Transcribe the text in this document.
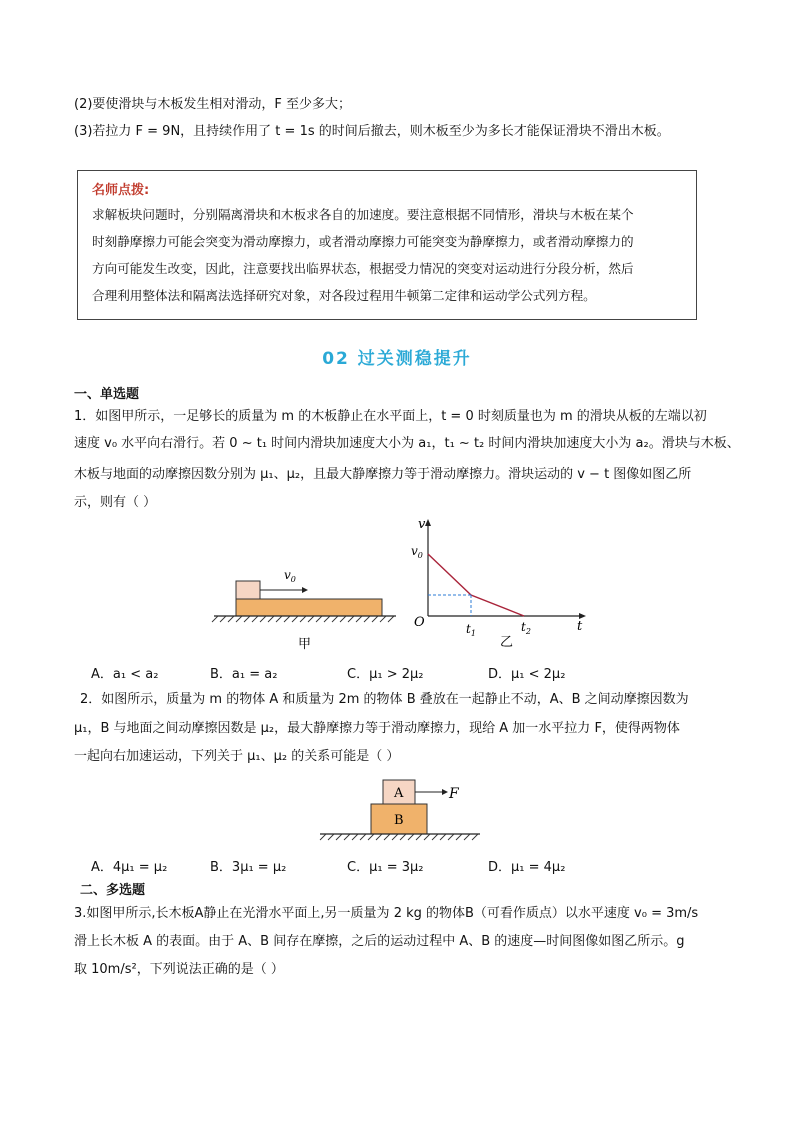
(2)要使滑块与木板发生相对滑动，F 至少多大；
(3)若拉力 F = 9N，且持续作用了 t = 1s 的时间后撤去，则木板至少为多长才能保证滑块不滑出木板。
名师点拨:
求解板块问题时，分别隔离滑块和木板求各自的加速度。要注意根据不同情形，滑块与木板在某个
时刻静摩擦力可能会突变为滑动摩擦力，或者滑动摩擦力可能突变为静摩擦力，或者滑动摩擦力的
方向可能发生改变，因此，注意要找出临界状态，根据受力情况的突变对运动进行分段分析，然后
合理利用整体法和隔离法选择研究对象，对各段过程用牛顿第二定律和运动学公式列方程。
02 过关测稳提升
一、单选题
1．如图甲所示，一足够长的质量为 m 的木板静止在水平面上，t = 0 时刻质量也为 m 的滑块从板的左端以初
速度 v₀ 水平向右滑行。若 0 ~ t₁ 时间内滑块加速度大小为 a₁，t₁ ~ t₂ 时间内滑块加速度大小为 a₂。滑块与木板、
木板与地面的动摩擦因数分别为 μ₁、μ₂，且最大静摩擦力等于滑动摩擦力。滑块运动的 v − t 图像如图乙所
示，则有（ ）
$v_0$
甲
v
t
O
$v_0$
$t_1$	$t_2$
乙
A．a₁ < a₂	B．a₁ = a₂	C．μ₁ > 2μ₂	D．μ₁ < 2μ₂
2．如图所示，质量为 m 的物体 A 和质量为 2m 的物体 B 叠放在一起静止不动，A、B 之间动摩擦因数为
μ₁，B 与地面之间动摩擦因数是 μ₂，最大静摩擦力等于滑动摩擦力，现给 A 加一水平拉力 F，使得两物体
一起向右加速运动，下列关于 μ₁、μ₂ 的关系可能是（ ）
A
B
F
A．4μ₁ = μ₂	B．3μ₁ = μ₂	C．μ₁ = 3μ₂	D．μ₁ = 4μ₂
二、多选题
3.如图甲所示,长木板A静止在光滑水平面上,另一质量为 2 kg 的物体B（可看作质点）以水平速度 v₀ = 3m/s
滑上长木板 A 的表面。由于 A、B 间存在摩擦，之后的运动过程中 A、B 的速度—时间图像如图乙所示。g
取 10m/s²，下列说法正确的是（ ）
